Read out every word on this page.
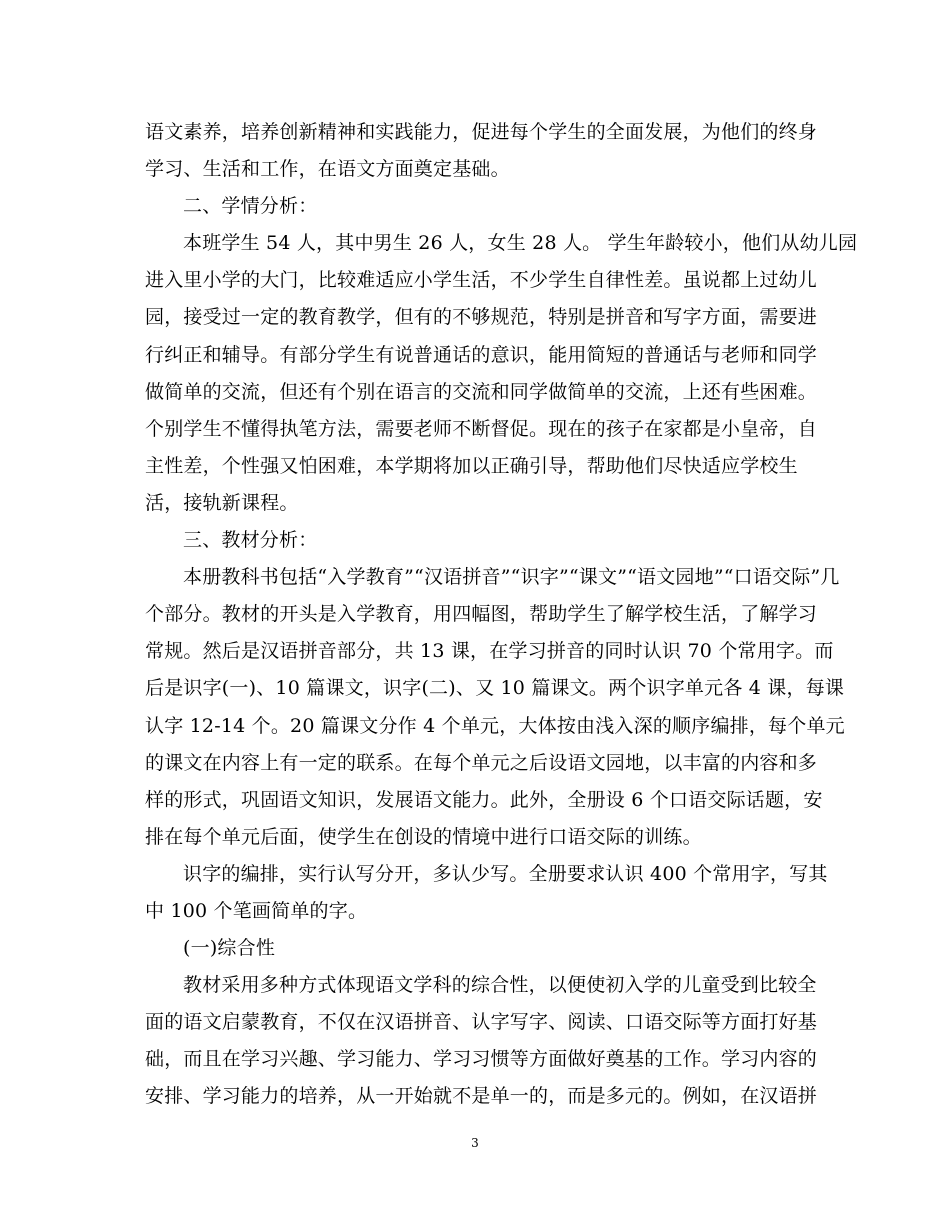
语文素养，培养创新精神和实践能力，促进每个学生的全面发展，为他们的终身
学习、生活和工作，在语文方面奠定基础。
二、学情分析：
本班学生 54 人，其中男生 26 人，女生 28 人。 学生年龄较小，他们从幼儿园
进入里小学的大门，比较难适应小学生活，不少学生自律性差。虽说都上过幼儿
园，接受过一定的教育教学，但有的不够规范，特别是拼音和写字方面，需要进
行纠正和辅导。有部分学生有说普通话的意识，能用简短的普通话与老师和同学
做简单的交流，但还有个别在语言的交流和同学做简单的交流，上还有些困难。
个别学生不懂得执笔方法，需要老师不断督促。现在的孩子在家都是小皇帝，自
主性差，个性强又怕困难，本学期将加以正确引导，帮助他们尽快适应学校生
活，接轨新课程。
三、教材分析：
本册教科书包括“入学教育”“汉语拼音”“识字”“课文”“语文园地”“口语交际”几
个部分。教材的开头是入学教育，用四幅图，帮助学生了解学校生活，了解学习
常规。然后是汉语拼音部分，共 13 课，在学习拼音的同时认识 70 个常用字。而
后是识字(一)、10 篇课文，识字(二)、又 10 篇课文。两个识字单元各 4 课，每课
认字 12-14 个。20 篇课文分作 4 个单元，大体按由浅入深的顺序编排，每个单元
的课文在内容上有一定的联系。在每个单元之后设语文园地，以丰富的内容和多
样的形式，巩固语文知识，发展语文能力。此外，全册设 6 个口语交际话题，安
排在每个单元后面，使学生在创设的情境中进行口语交际的训练。
识字的编排，实行认写分开，多认少写。全册要求认识 400 个常用字，写其
中 100 个笔画简单的字。
(一)综合性
教材采用多种方式体现语文学科的综合性，以便使初入学的儿童受到比较全
面的语文启蒙教育，不仅在汉语拼音、认字写字、阅读、口语交际等方面打好基
础，而且在学习兴趣、学习能力、学习习惯等方面做好奠基的工作。学习内容的
安排、学习能力的培养，从一开始就不是单一的，而是多元的。例如，在汉语拼
3
